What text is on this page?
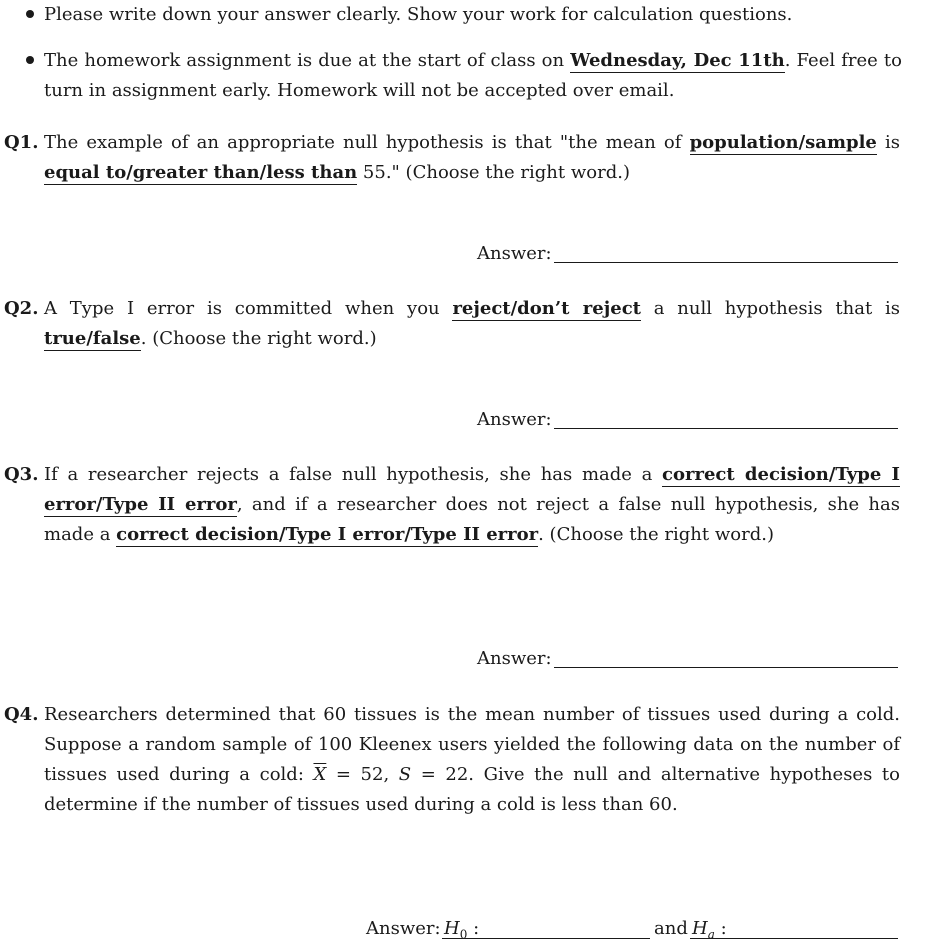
Please write down your answer clearly. Show your work for calculation questions.
The homework assignment is due at the start of class on Wednesday, Dec 11th. Feel free to turn in assignment early. Homework will not be accepted over email.
Q1. The example of an appropriate null hypothesis is that "the mean of population/sample is equal to/greater than/less than 55." (Choose the right word.)
Answer:
Q2. A Type I error is committed when you reject/don’t reject a null hypothesis that is true/false. (Choose the right word.)
Answer:
Q3. If a researcher rejects a false null hypothesis, she has made a correct decision/Type I error/Type II error, and if a researcher does not reject a false null hypothesis, she has made a correct decision/Type I error/Type II error. (Choose the right word.)
Answer:
Q4. Researchers determined that 60 tissues is the mean number of tissues used during a cold. Suppose a random sample of 100 Kleenex users yielded the following data on the number of tissues used during a cold: $\overline{X} = 52$, S = 22. Give the null and alternative hypotheses to determine if the number of tissues used during a cold is less than 60.
Answer: $H_0$ :	and $H_a$ :
